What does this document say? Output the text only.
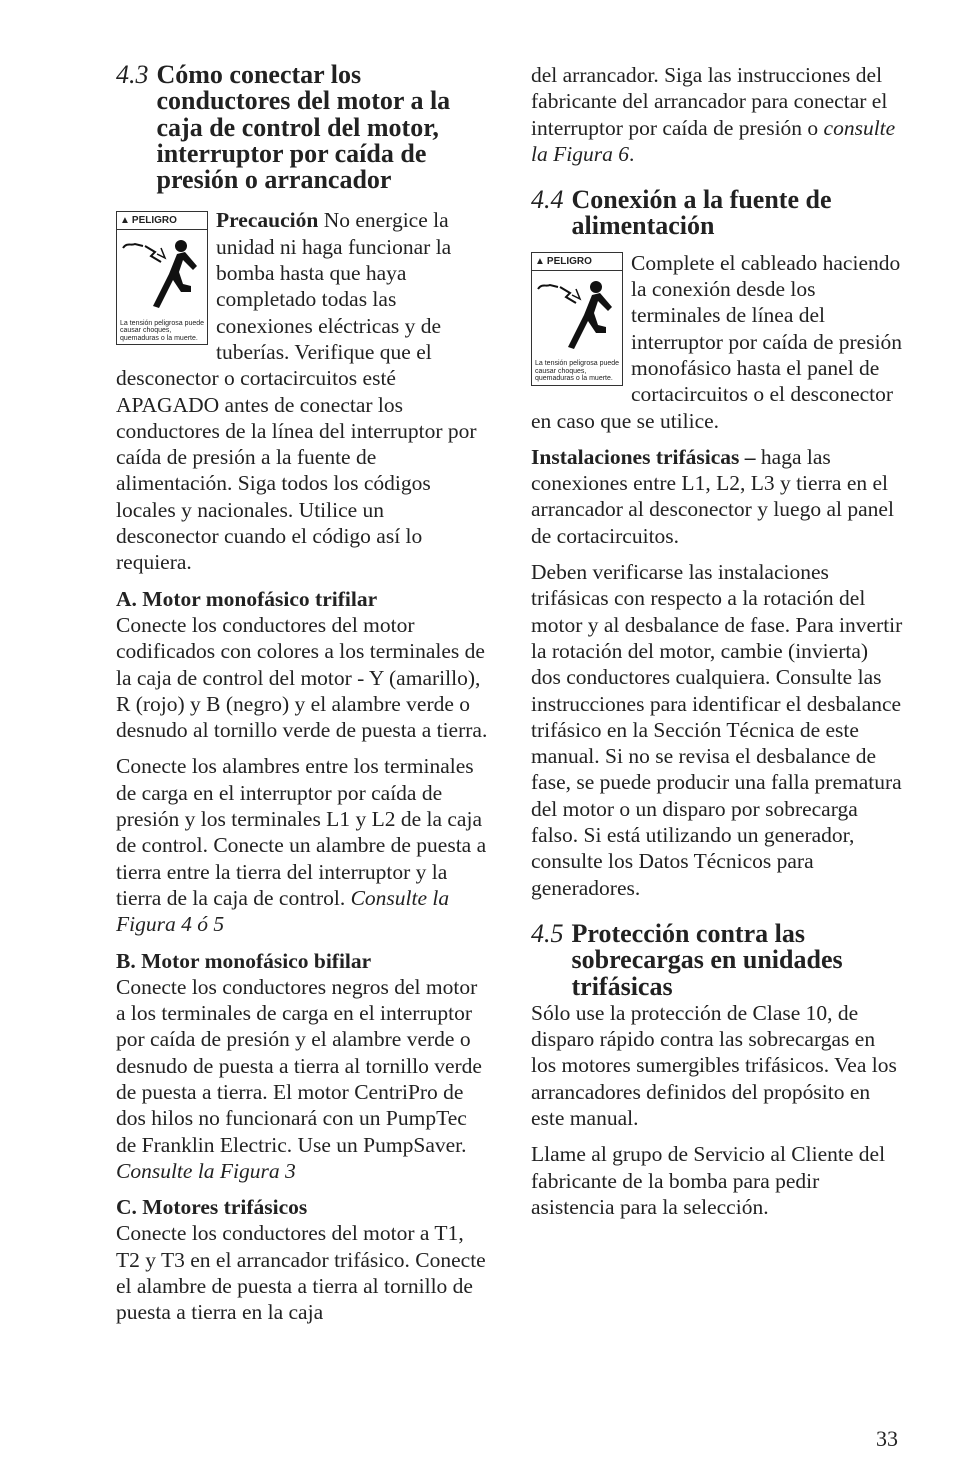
4.3 Cómo conectar los conductores del motor a la caja de control del motor, interruptor por caída de presión o arrancador
▲ PELIGRO
La tensión peligrosa puede causar choques, quemaduras o la muerte.

Precaución No energice la unidad ni haga funcionar la bomba hasta que haya completado todas las conexiones eléctricas y de tuberías. Verifique que el desconector o cortacircuitos esté APAGADO antes de conectar los conductores de la línea del interruptor por caída de presión a la fuente de alimentación. Siga todos los códigos locales y nacionales. Utilice un desconector cuando el código así lo requiera.

A. Motor monofásico trifilar
Conecte los conductores del motor codificados con colores a los terminales de la caja de control del motor - Y (amarillo), R (rojo) y B (negro) y el alambre verde o desnudo al tornillo verde de puesta a tierra.

Conecte los alambres entre los terminales de carga en el interruptor por caída de presión y los terminales L1 y L2 de la caja de control. Conecte un alambre de puesta a tierra entre la tierra del interruptor y la tierra de la caja de control. Consulte la Figura 4 ó 5

B. Motor monofásico bifilar
Conecte los conductores negros del motor a los terminales de carga en el interruptor por caída de presión y el alambre verde o desnudo de puesta a tierra al tornillo verde de puesta a tierra. El motor CentriPro de dos hilos no funcionará con un PumpTec de Franklin Electric. Use un PumpSaver. Consulte la Figura 3

C. Motores trifásicos
Conecte los conductores del motor a T1, T2 y T3 en el arrancador trifásico. Conecte el alambre de puesta a tierra al tornillo de puesta a tierra en la caja

del arrancador. Siga las instrucciones del fabricante del arrancador para conectar el interruptor por caída de presión o consulte la Figura 6.

4.4 Conexión a la fuente de alimentación
▲ PELIGRO
La tensión peligrosa puede causar choques, quemaduras o la muerte.

Complete el cableado haciendo la conexión desde los terminales de línea del interruptor por caída de presión monofásico hasta el panel de cortacircuitos o el desconector en caso que se utilice.

Instalaciones trifásicas – haga las conexiones entre L1, L2, L3 y tierra en el arrancador al desconector y luego al panel de cortacircuitos.

Deben verificarse las instalaciones trifásicas con respecto a la rotación del motor y al desbalance de fase. Para invertir la rotación del motor, cambie (invierta) dos conductores cualquiera. Consulte las instrucciones para identificar el desbalance trifásico en la Sección Técnica de este manual. Si no se revisa el desbalance de fase, se puede producir una falla prematura del motor o un disparo por sobrecarga falso. Si está utilizando un generador, consulte los Datos Técnicos para generadores.

4.5 Protección contra las sobrecargas en unidades trifásicas

Sólo use la protección de Clase 10, de disparo rápido contra las sobrecargas en los motores sumergibles trifásicos. Vea los arrancadores definidos del propósito en este manual.

Llame al grupo de Servicio al Cliente del fabricante de la bomba para pedir asistencia para la selección.

33
